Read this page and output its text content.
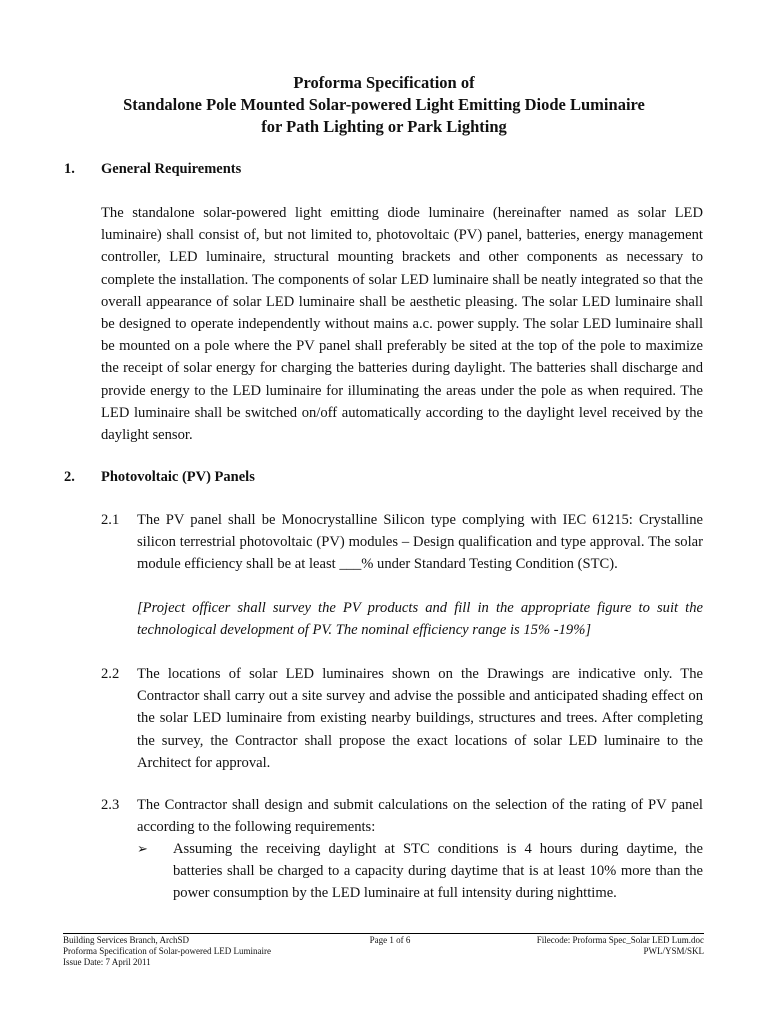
Proforma Specification of
Standalone Pole Mounted Solar-powered Light Emitting Diode Luminaire
for Path Lighting or Park Lighting
1. General Requirements

The standalone solar-powered light emitting diode luminaire (hereinafter named as solar LED luminaire) shall consist of, but not limited to, photovoltaic (PV) panel, batteries, energy management controller, LED luminaire, structural mounting brackets and other components as necessary to complete the installation. The components of solar LED luminaire shall be neatly integrated so that the overall appearance of solar LED luminaire shall be aesthetic pleasing. The solar LED luminaire shall be designed to operate independently without mains a.c. power supply. The solar LED luminaire shall be mounted on a pole where the PV panel shall preferably be sited at the top of the pole to maximize the receipt of solar energy for charging the batteries during daylight. The batteries shall discharge and provide energy to the LED luminaire for illuminating the areas under the pole as when required. The LED luminaire shall be switched on/off automatically according to the daylight level received by the daylight sensor.

2. Photovoltaic (PV) Panels
2.1 The PV panel shall be Monocrystalline Silicon type complying with IEC 61215: Crystalline silicon terrestrial photovoltaic (PV) modules – Design qualification and type approval. The solar module efficiency shall be at least ___% under Standard Testing Condition (STC).

[Project officer shall survey the PV products and fill in the appropriate figure to suit the technological development of PV. The nominal efficiency range is 15% -19%]

2.2 The locations of solar LED luminaires shown on the Drawings are indicative only. The Contractor shall carry out a site survey and advise the possible and anticipated shading effect on the solar LED luminaire from existing nearby buildings, structures and trees. After completing the survey, the Contractor shall propose the exact locations of solar LED luminaire to the Architect for approval.

2.3 The Contractor shall design and submit calculations on the selection of the rating of PV panel according to the following requirements:

➢ Assuming the receiving daylight at STC conditions is 4 hours during daytime, the batteries shall be charged to a capacity during daytime that is at least 10% more than the power consumption by the LED luminaire at full intensity during nighttime.

Building Services Branch, ArchSD
Proforma Specification of Solar-powered LED Luminaire
Issue Date: 7 April 2011
Page 1 of 6	Filecode: Proforma Spec_Solar LED Lum.doc
PWL/YSM/SKL
